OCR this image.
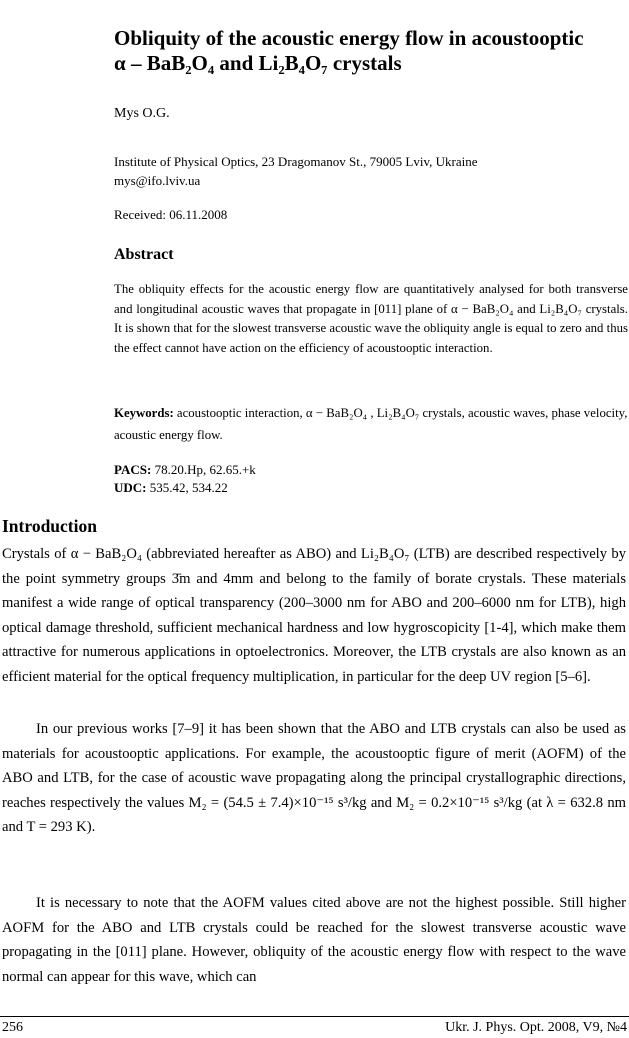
Obliquity of the acoustic energy flow in acoustooptic
α – BaB₂O₄ and Li₂B₄O₇ crystals
Mys O.G.
Institute of Physical Optics, 23 Dragomanov St., 79005 Lviv, Ukraine
mys@ifo.lviv.ua
Received: 06.11.2008
Abstract
The obliquity effects for the acoustic energy flow are quantitatively analysed for both transverse and longitudinal acoustic waves that propagate in [011] plane of α − BaB₂O₄ and Li₂B₄O₇ crystals. It is shown that for the slowest transverse acoustic wave the obliquity angle is equal to zero and thus the effect cannot have action on the efficiency of acoustooptic interaction.
Keywords: acoustooptic interaction, α − BaB₂O₄ , Li₂B₄O₇ crystals, acoustic waves, phase velocity, acoustic energy flow.
PACS: 78.20.Hp, 62.65.+k
UDC: 535.42, 534.22
Introduction
Crystals of α − BaB₂O₄ (abbreviated hereafter as ABO) and Li₂B₄O₇ (LTB) are described respectively by the point symmetry groups 3̄m and 4mm and belong to the family of borate crystals. These materials manifest a wide range of optical transparency (200–3000 nm for ABO and 200–6000 nm for LTB), high optical damage threshold, sufficient mechanical hardness and low hygroscopicity [1-4], which make them attractive for numerous applications in optoelectronics. Moreover, the LTB crystals are also known as an efficient material for the optical frequency multiplication, in particular for the deep UV region [5–6].
In our previous works [7–9] it has been shown that the ABO and LTB crystals can also be used as materials for acoustooptic applications. For example, the acoustooptic figure of merit (AOFM) of the ABO and LTB, for the case of acoustic wave propagating along the principal crystallographic directions, reaches respectively the values M₂ = (54.5 ± 7.4)×10⁻¹⁵ s³/kg and M₂ = 0.2×10⁻¹⁵ s³/kg (at λ = 632.8 nm and T = 293 K).
It is necessary to note that the AOFM values cited above are not the highest possible. Still higher AOFM for the ABO and LTB crystals could be reached for the slowest transverse acoustic wave propagating in the [011] plane. However, obliquity of the acoustic energy flow with respect to the wave normal can appear for this wave, which can
256	Ukr. J. Phys. Opt. 2008, V9, №4
